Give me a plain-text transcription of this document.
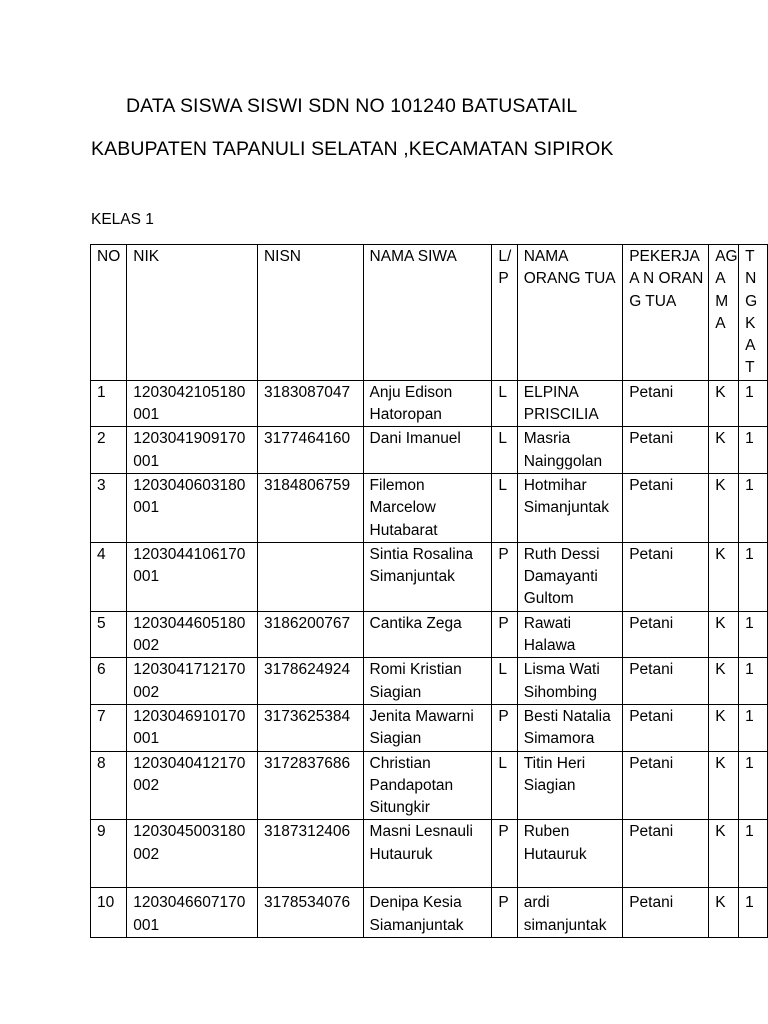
DATA SISWA SISWI SDN NO 101240 BATUSATAIL
KABUPATEN TAPANULI SELATAN ,KECAMATAN SIPIROK
KELAS 1
NO	NIK	NISN	NAMA SIWA	L/ P	NAMA ORANG TUA	PEKERJAA N ORANG TUA	AG A M A	T N G K A T
1	1203042105180 001	3183087047	Anju Edison Hatoropan	L	ELPINA PRISCILIA	Petani	K	1
2	1203041909170 001	3177464160	Dani Imanuel	L	Masria Nainggolan	Petani	K	1
3	1203040603180 001	3184806759	Filemon Marcelow Hutabarat	L	Hotmihar Simanjuntak	Petani	K	1
4	1203044106170 001		Sintia Rosalina Simanjuntak	P	Ruth Dessi Damayanti Gultom	Petani	K	1
5	1203044605180 002	3186200767	Cantika Zega	P	Rawati Halawa	Petani	K	1
6	1203041712170 002	3178624924	Romi Kristian Siagian	L	Lisma Wati Sihombing	Petani	K	1
7	1203046910170 001	3173625384	Jenita Mawarni Siagian	P	Besti Natalia Simamora	Petani	K	1
8	1203040412170 002	3172837686	Christian Pandapotan Situngkir	L	Titin Heri Siagian	Petani	K	1
9	1203045003180 002	3187312406	Masni Lesnauli Hutauruk	P	Ruben Hutauruk	Petani	K	1
10	1203046607170 001	3178534076	Denipa Kesia Siamanjuntak	P	ardi simanjuntak	Petani	K	1
